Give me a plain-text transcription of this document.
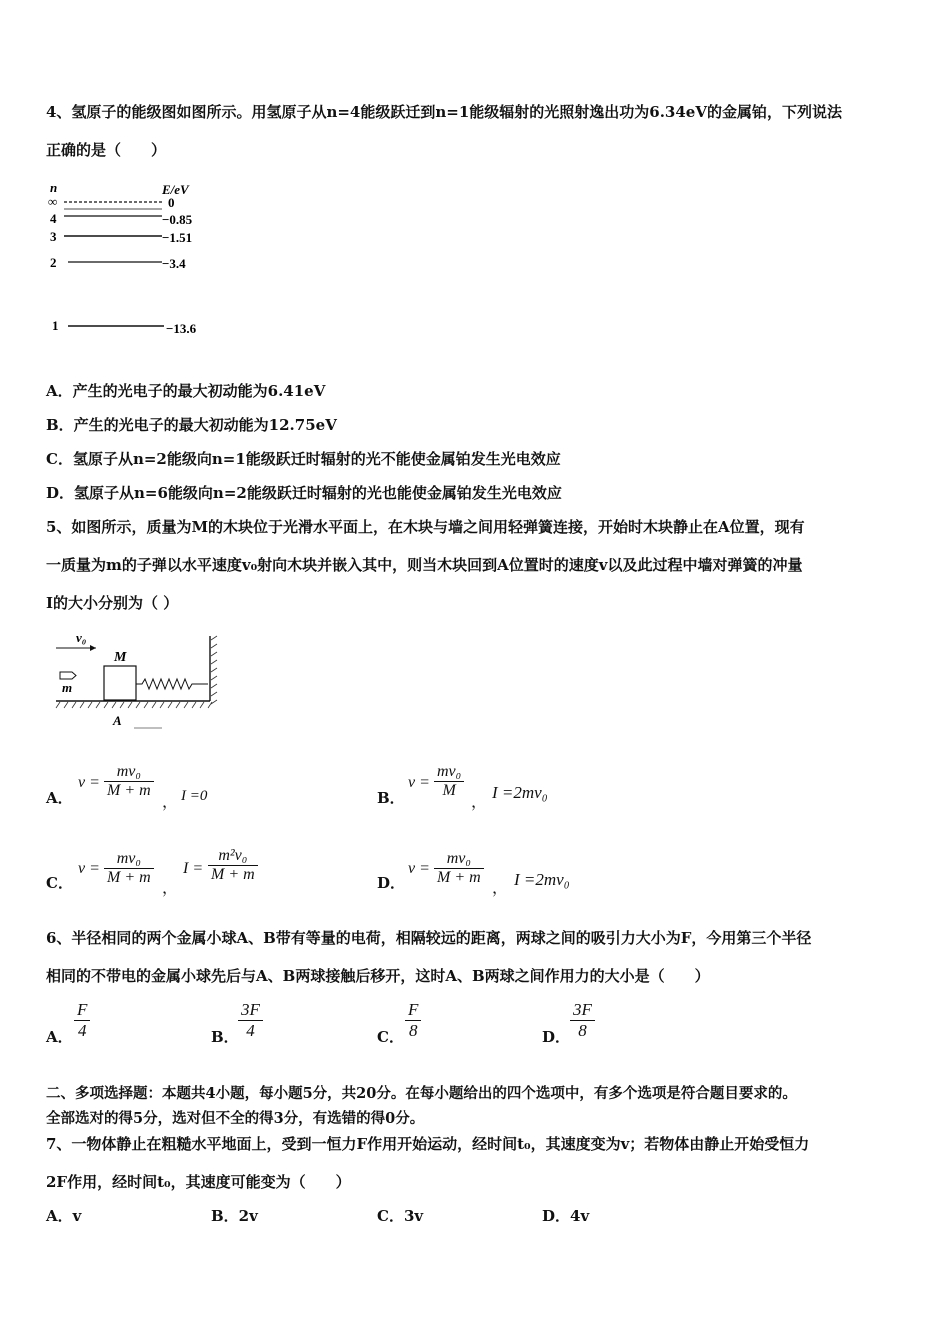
4、氢原子的能级图如图所示。用氢原子从n=4能级跃迁到n=1能级辐射的光照射逸出功为6.34eV的金属铂，下列说法
正确的是（　　）
n	E/eV
∞	0
4	−0.85
3	−1.51
2	−3.4
1	−13.6
A．产生的光电子的最大初动能为6.41eV
B．产生的光电子的最大初动能为12.75eV
C．氢原子从n=2能级向n=1能级跃迁时辐射的光不能使金属铂发生光电效应
D．氢原子从n=6能级向n=2能级跃迁时辐射的光也能使金属铂发生光电效应
5、如图所示，质量为M的木块位于光滑水平面上，在木块与墙之间用轻弹簧连接，开始时木块静止在A位置，现有
一质量为m的子弹以水平速度v₀射向木块并嵌入其中，则当木块回到A位置时的速度v以及此过程中墙对弹簧的冲量
I的大小分别为（ ）
v₀
M
m
A
A．
v =
mv₀
M + m
， I =0	B．
v =
mv₀
M
，
I =2mv₀
C．
v =
mv₀
M + m
，
I =
m²v₀
M + m	D．
v =
mv₀
M + m
， I =2mv₀
6、半径相同的两个金属小球A、B带有等量的电荷，相隔较远的距离，两球之间的吸引力大小为F，今用第三个半径
相同的不带电的金属小球先后与A、B两球接触后移开，这时A、B两球之间作用力的大小是（　　）
A．
F
4	B．
3F
4	C．
F
8	D．
3F
8
二、多项选择题：本题共4小题，每小题5分，共20分。在每小题给出的四个选项中，有多个选项是符合题目要求的。
全部选对的得5分，选对但不全的得3分，有选错的得0分。
7、一物体静止在粗糙水平地面上，受到一恒力F作用开始运动，经时间t₀，其速度变为v；若物体由静止开始受恒力
2F作用，经时间t₀，其速度可能变为（　　）
A．v	B．2v	C．3v	D．4v
